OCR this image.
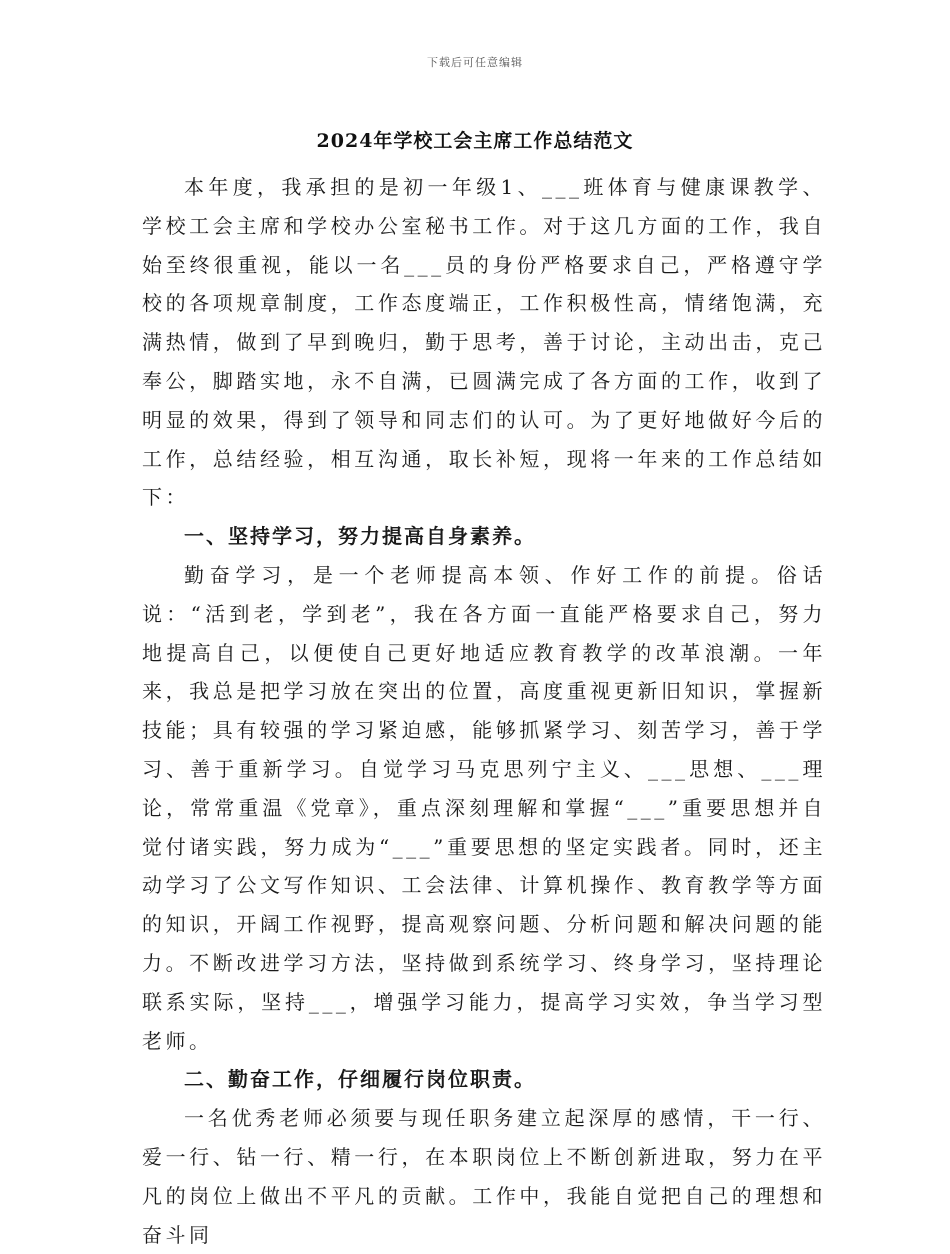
下载后可任意编辑
2024年学校工会主席工作总结范文

本年度，我承担的是初一年级1、___班体育与健康课教学、学校工会主席和学校办公室秘书工作。对于这几方面的工作，我自始至终很重视，能以一名___员的身份严格要求自己，严格遵守学校的各项规章制度，工作态度端正，工作积极性高，情绪饱满，充满热情，做到了早到晚归，勤于思考，善于讨论，主动出击，克己奉公，脚踏实地，永不自满，已圆满完成了各方面的工作，收到了明显的效果，得到了领导和同志们的认可。为了更好地做好今后的工作，总结经验，相互沟通，取长补短，现将一年来的工作总结如下：

一、坚持学习，努力提高自身素养。

勤奋学习，是一个老师提高本领、作好工作的前提。俗话说：“活到老，学到老”，我在各方面一直能严格要求自己，努力地提高自己，以便使自己更好地适应教育教学的改革浪潮。一年来，我总是把学习放在突出的位置，高度重视更新旧知识，掌握新技能；具有较强的学习紧迫感，能够抓紧学习、刻苦学习，善于学习、善于重新学习。自觉学习马克思列宁主义、___思想、___理论，常常重温《党章》，重点深刻理解和掌握“___”重要思想并自觉付诸实践，努力成为“___”重要思想的坚定实践者。同时，还主动学习了公文写作知识、工会法律、计算机操作、教育教学等方面的知识，开阔工作视野，提高观察问题、分析问题和解决问题的能力。不断改进学习方法，坚持做到系统学习、终身学习，坚持理论联系实际，坚持___，增强学习能力，提高学习实效，争当学习型老师。

二、勤奋工作，仔细履行岗位职责。

一名优秀老师必须要与现任职务建立起深厚的感情，干一行、爱一行、钻一行、精一行，在本职岗位上不断创新进取，努力在平凡的岗位上做出不平凡的贡献。工作中，我能自觉把自己的理想和奋斗同
